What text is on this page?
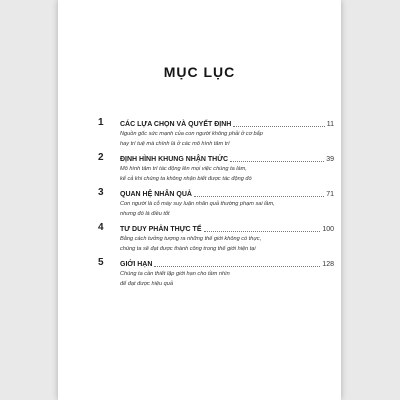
MỤC LỤC
1	CÁC LỰA CHỌN VÀ QUYẾT ĐỊNH	11
Nguồn gốc sức mạnh của con người không phải ở cơ bắp
hay trí tuệ mà chính là ở các mô hình tâm trí
2	ĐỊNH HÌNH KHUNG NHẬN THỨC	39
Mô hình tâm trí tác động lên mọi việc chúng ta làm,
kể cả khi chúng ta không nhận biết được tác động đó
3	QUAN HỆ NHÂN QUẢ	71
Con người là cỗ máy suy luận nhân quả thường phạm sai lầm,
nhưng đó là điều tốt
4	TƯ DUY PHẢN THỰC TẾ	100
Bằng cách tưởng tượng ra những thế giới không có thực,
chúng ta sẽ đạt được thành công trong thế giới hiện tại
5	GIỚI HẠN	128
Chúng ta cần thiết lập giới hạn cho tầm nhìn
để đạt được hiệu quả
